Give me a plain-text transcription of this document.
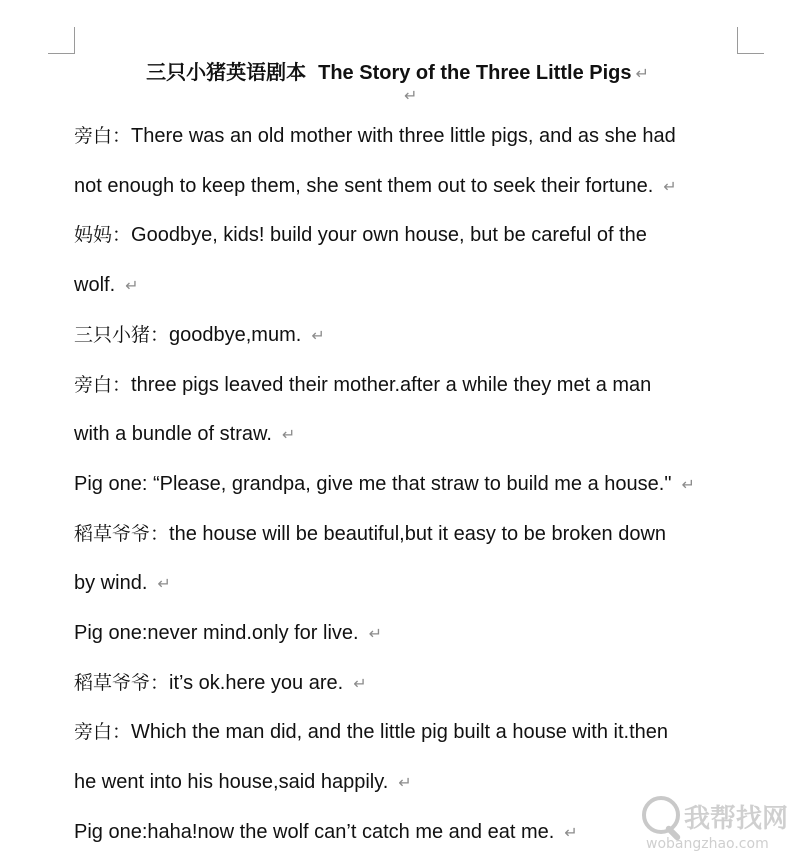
三只小猪英语剧本 The Story of the Three Little Pigs ↵
↵
旁白：There was an old mother with three little pigs, and as she had
not enough to keep them, she sent them out to seek their fortune. ↵
妈妈：Goodbye, kids! build your own house, but be careful of the
wolf. ↵
三只小猪：goodbye,mum. ↵
旁白：three pigs leaved their mother.after a while they met a man
with a bundle of straw. ↵
Pig one: “Please, grandpa, give me that straw to build me a house." ↵
稻草爷爷：the house will be beautiful,but it easy to be broken down
by wind. ↵
Pig one:never mind.only for live. ↵
稻草爷爷：it’s ok.here you are. ↵
旁白：Which the man did, and the little pig built a house with it.then
he went into his house,said happily. ↵
Pig one:haha!now the wolf can’t catch me and eat me. ↵	我帮找网
wobangzhao.com
